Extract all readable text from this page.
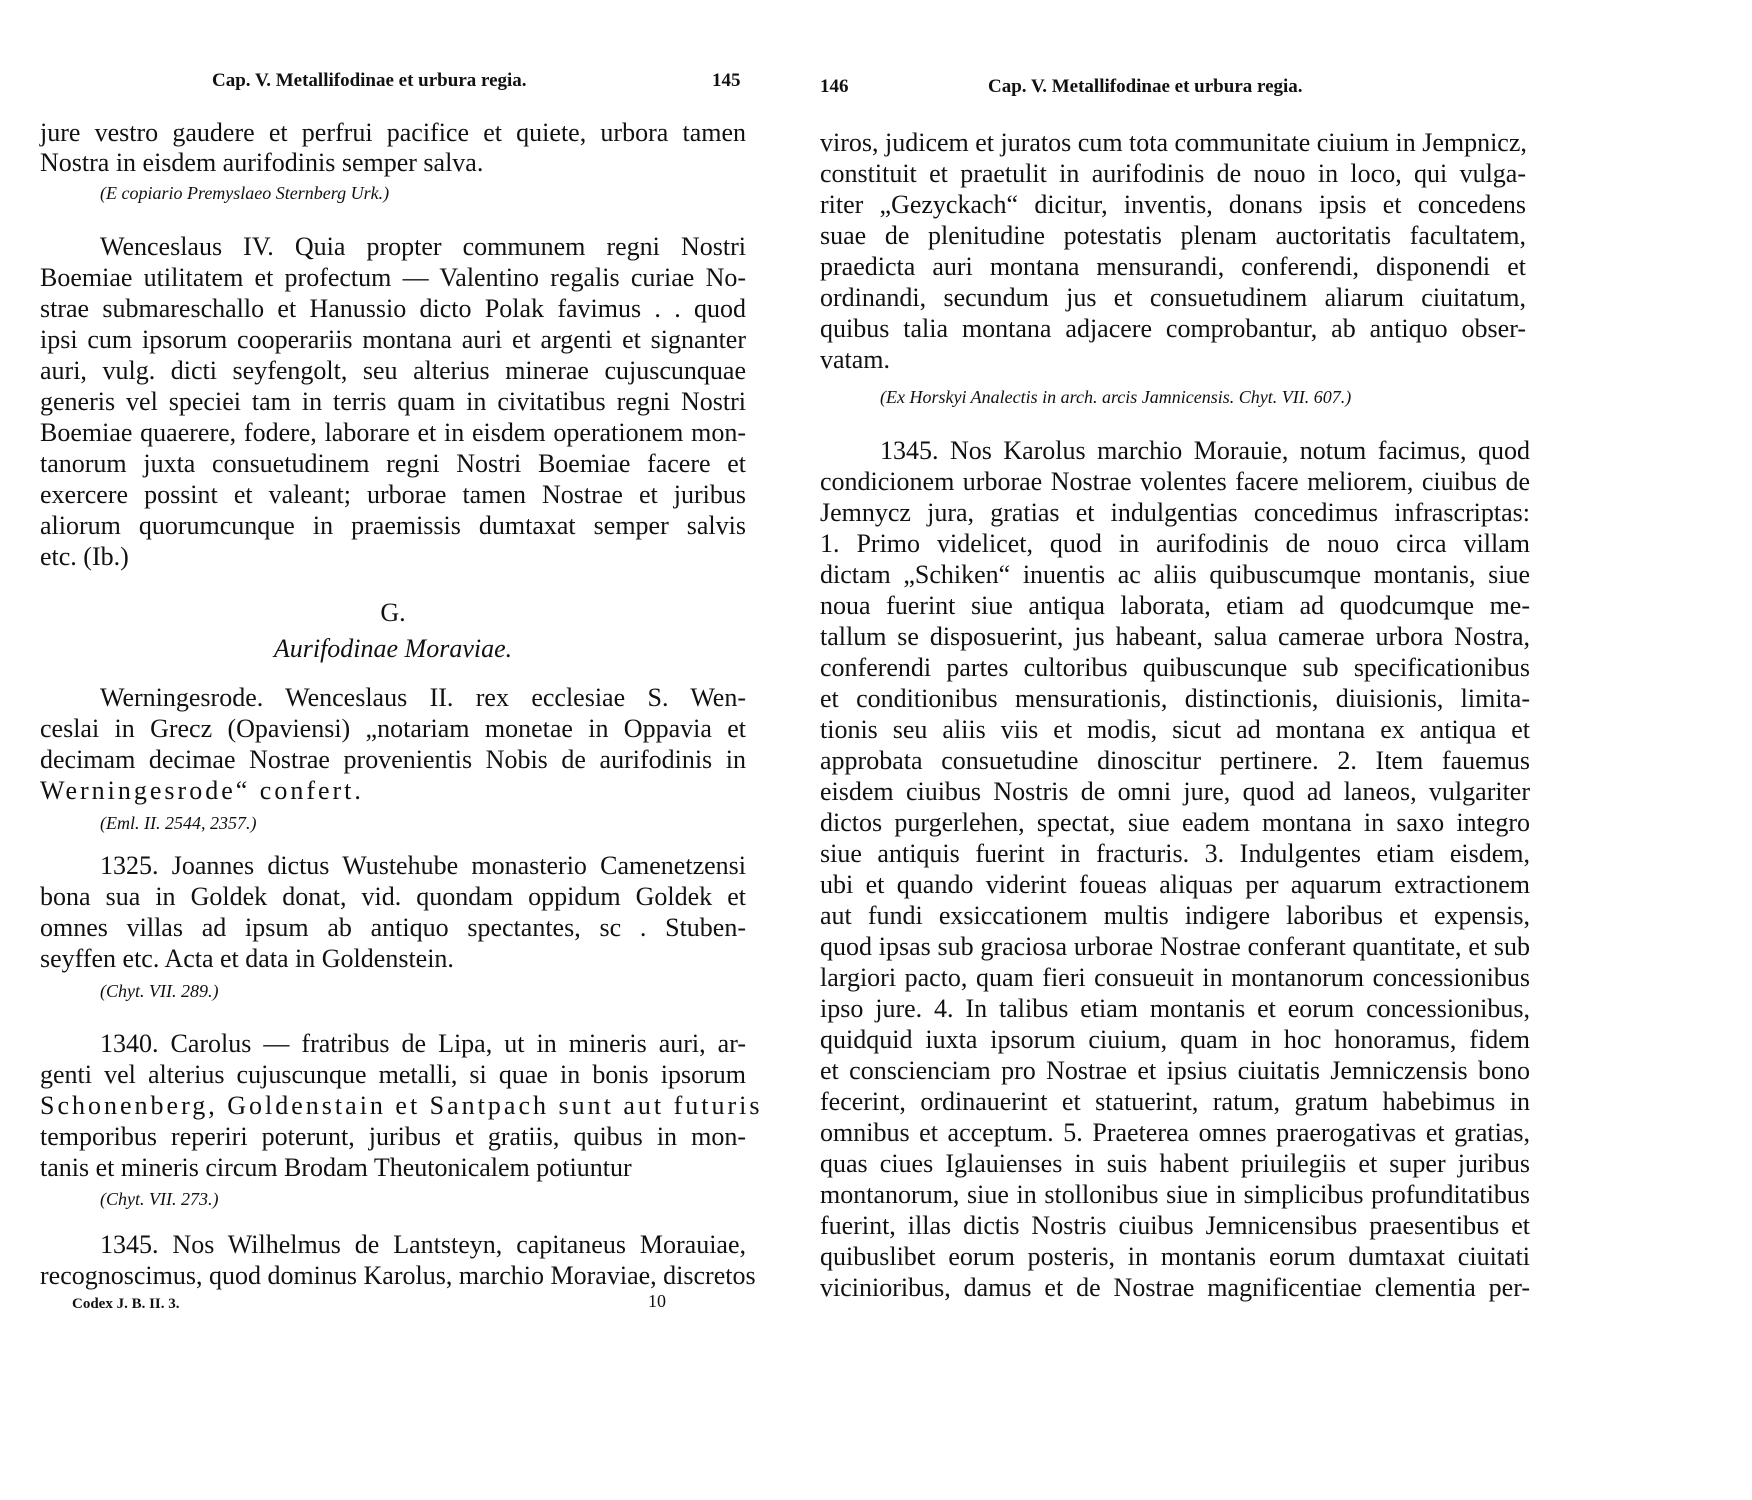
Cap. V. Metallifodinae et urbura regia.	145
jure vestro gaudere et perfrui pacifice et quiete, urbora tamen
Nostra in eisdem aurifodinis semper salva.
(E copiario Premyslaeo Sternberg Urk.)
Wenceslaus IV. Quia propter communem regni Nostri
Boemiae utilitatem et profectum — Valentino regalis curiae No-
strae submareschallo et Hanussio dicto Polak favimus . . quod
ipsi cum ipsorum cooperariis montana auri et argenti et signanter
auri, vulg. dicti seyfengolt, seu alterius minerae cujuscunquae
generis vel speciei tam in terris quam in civitatibus regni Nostri
Boemiae quaerere, fodere, laborare et in eisdem operationem mon-
tanorum juxta consuetudinem regni Nostri Boemiae facere et
exercere possint et valeant; urborae tamen Nostrae et juribus
aliorum quorumcunque in praemissis dumtaxat semper salvis
etc. (Ib.)
G.
Aurifodinae Moraviae.
Werningesrode. Wenceslaus II. rex ecclesiae S. Wen-
ceslai in Grecz (Opaviensi) „notariam monetae in Oppavia et
decimam decimae Nostrae provenientis Nobis de aurifodinis in
Werningesrode“ confert.
(Eml. II. 2544, 2357.)
1325. Joannes dictus Wustehube monasterio Camenetzensi
bona sua in Goldek donat, vid. quondam oppidum Goldek et
omnes villas ad ipsum ab antiquo spectantes, sc . Stuben-
seyffen etc. Acta et data in Goldenstein.
(Chyt. VII. 289.)
1340. Carolus — fratribus de Lipa, ut in mineris auri, ar-
genti vel alterius cujuscunque metalli, si quae in bonis ipsorum
Schonenberg, Goldenstain et Santpach sunt aut futuris
temporibus reperiri poterunt, juribus et gratiis, quibus in mon-
tanis et mineris circum Brodam Theutonicalem potiuntur
(Chyt. VII. 273.)
1345. Nos Wilhelmus de Lantsteyn, capitaneus Morauiae,
recognoscimus, quod dominus Karolus, marchio Moraviae, discretos
Codex J. B. II. 3.	10
146	Cap. V. Metallifodinae et urbura regia.
viros, judicem et juratos cum tota communitate ciuium in Jempnicz,
constituit et praetulit in aurifodinis de nouo in loco, qui vulga-
riter „Gezyckach“ dicitur, inventis, donans ipsis et concedens
suae de plenitudine potestatis plenam auctoritatis facultatem,
praedicta auri montana mensurandi, conferendi, disponendi et
ordinandi, secundum jus et consuetudinem aliarum ciuitatum,
quibus talia montana adjacere comprobantur, ab antiquo obser-
vatam.
(Ex Horskyi Analectis in arch. arcis Jamnicensis. Chyt. VII. 607.)
1345. Nos Karolus marchio Morauie, notum facimus, quod
condicionem urborae Nostrae volentes facere meliorem, ciuibus de
Jemnycz jura, gratias et indulgentias concedimus infrascriptas:
1. Primo videlicet, quod in aurifodinis de nouo circa villam
dictam „Schiken“ inuentis ac aliis quibuscumque montanis, siue
noua fuerint siue antiqua laborata, etiam ad quodcumque me-
tallum se disposuerint, jus habeant, salua camerae urbora Nostra,
conferendi partes cultoribus quibuscunque sub specificationibus
et conditionibus mensurationis, distinctionis, diuisionis, limita-
tionis seu aliis viis et modis, sicut ad montana ex antiqua et
approbata consuetudine dinoscitur pertinere. 2. Item fauemus
eisdem ciuibus Nostris de omni jure, quod ad laneos, vulgariter
dictos purgerlehen, spectat, siue eadem montana in saxo integro
siue antiquis fuerint in fracturis. 3. Indulgentes etiam eisdem,
ubi et quando viderint foueas aliquas per aquarum extractionem
aut fundi exsiccationem multis indigere laboribus et expensis,
quod ipsas sub graciosa urborae Nostrae conferant quantitate, et sub
largiori pacto, quam fieri consueuit in montanorum concessionibus
ipso jure. 4. In talibus etiam montanis et eorum concessionibus,
quidquid iuxta ipsorum ciuium, quam in hoc honoramus, fidem
et conscienciam pro Nostrae et ipsius ciuitatis Jemniczensis bono
fecerint, ordinauerint et statuerint, ratum, gratum habebimus in
omnibus et acceptum. 5. Praeterea omnes praerogativas et gratias,
quas ciues Iglauienses in suis habent priuilegiis et super juribus
montanorum, siue in stollonibus siue in simplicibus profunditatibus
fuerint, illas dictis Nostris ciuibus Jemnicensibus praesentibus et
quibuslibet eorum posteris, in montanis eorum dumtaxat ciuitati
vicinioribus, damus et de Nostrae magnificentiae clementia per-
